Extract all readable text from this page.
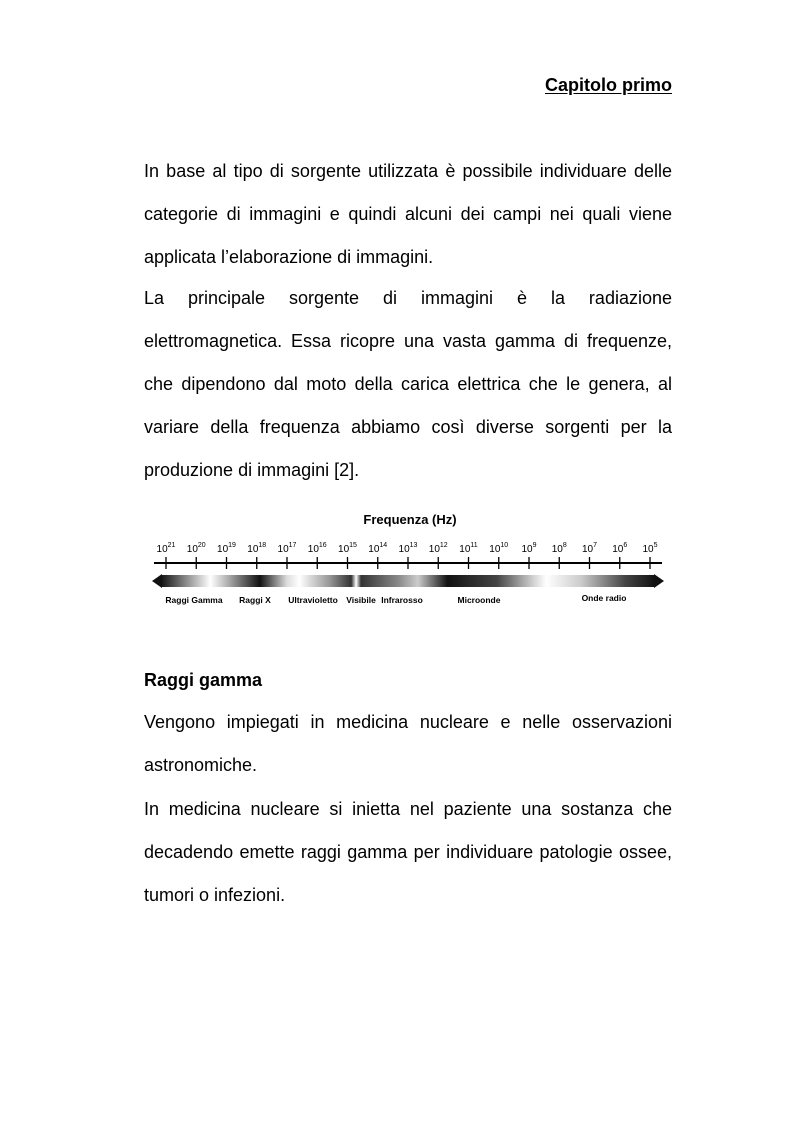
Capitolo primo

In base al tipo di sorgente utilizzata è possibile individuare delle categorie di immagini e quindi alcuni dei campi nei quali viene applicata l’elaborazione di immagini.

La principale sorgente di immagini è la radiazione elettromagnetica. Essa ricopre una vasta gamma di frequenze, che dipendono dal moto della carica elettrica che le genera, al variare della frequenza abbiamo così diverse sorgenti per la produzione di immagini [2].

Raggi gamma

Vengono impiegati in medicina nucleare e nelle osservazioni astronomiche.

In medicina nucleare si inietta nel paziente una sostanza che decadendo emette raggi gamma per individuare patologie ossee, tumori o infezioni.

Frequenza (Hz)
$10^{21}$ $10^{20}$ $10^{19}$ $10^{18}$ $10^{17}$ $10^{16}$ $10^{15}$ $10^{14}$ $10^{13}$ $10^{12}$ $10^{11}$ $10^{10}$ $10^9$ $10^8$ $10^7$ $10^6$ $10^5$
Raggi Gamma Raggi X Ultravioletto Visibile Infrarosso	Microonde	Onde radio
